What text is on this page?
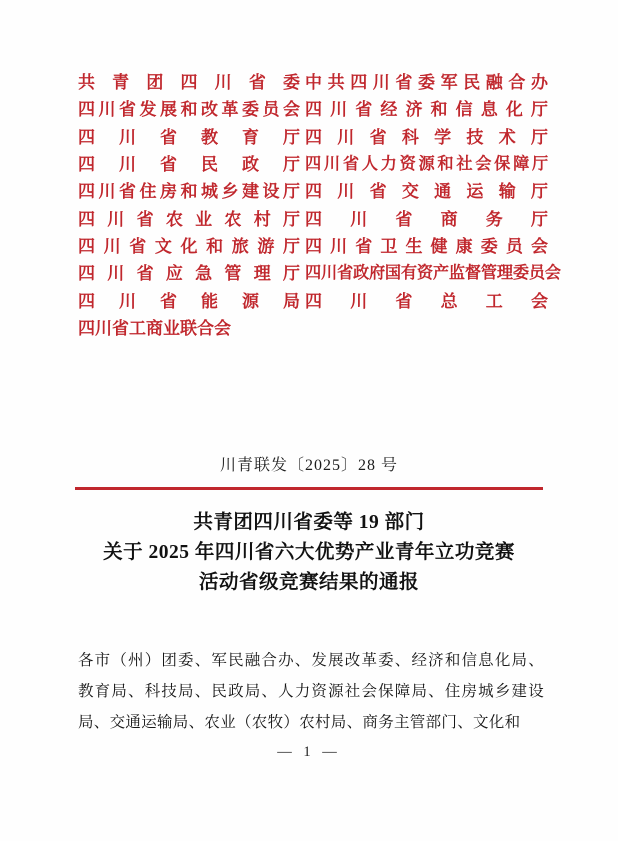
共青团四川省委 中共四川省委军民融合办
四川省发展和改革委员会 四川省经济和信息化厅
四川省教育厅 四川省科学技术厅
四川省民政厅 四川省人力资源和社会保障厅
四川省住房和城乡建设厅 四川省交通运输厅
四川省农业农村厅 四川省商务厅
四川省文化和旅游厅 四川省卫生健康委员会
四川省应急管理厅 四川省政府国有资产监督管理委员会
四川省能源局 四川省总工会
四川省工商业联合会
川青联发〔2025〕28 号
共青团四川省委等 19 部门
关于 2025 年四川省六大优势产业青年立功竞赛
活动省级竞赛结果的通报
各市（州）团委、军民融合办、发展改革委、经济和信息化局、
教育局、科技局、民政局、人力资源社会保障局、住房城乡建设
局、交通运输局、农业（农牧）农村局、商务主管部门、文化和
— 1 —
